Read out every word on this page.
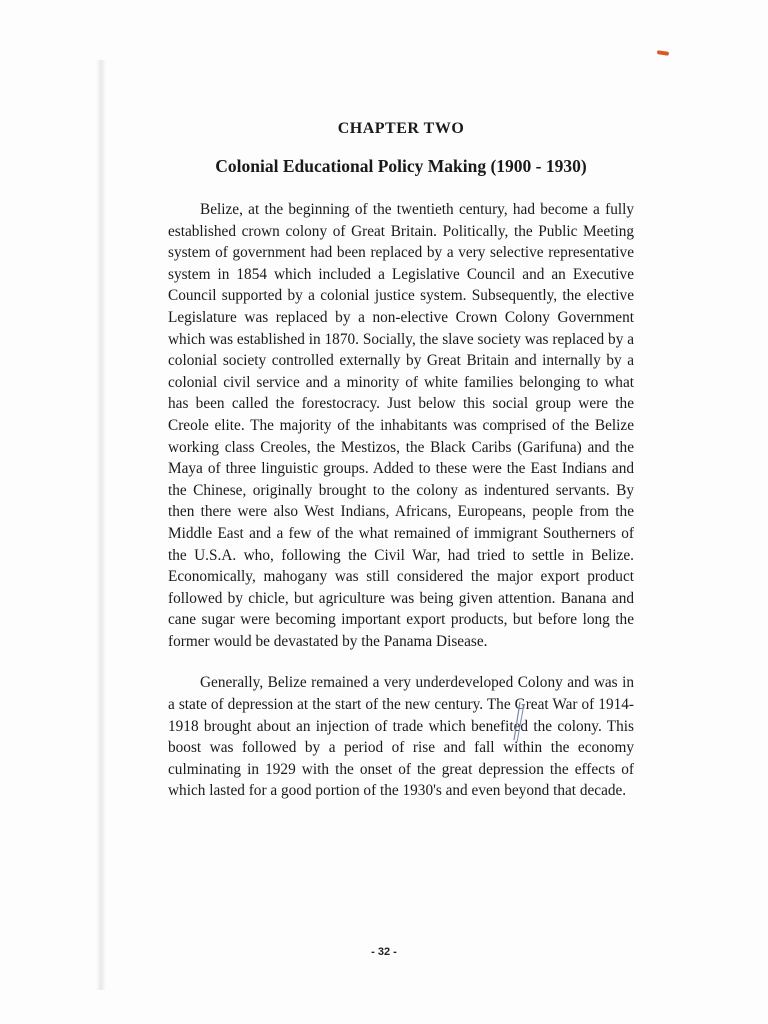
CHAPTER TWO
Colonial Educational Policy Making (1900 - 1930)

Belize, at the beginning of the twentieth century, had become a fully established crown colony of Great Britain. Politically, the Public Meeting system of government had been replaced by a very selective representative system in 1854 which included a Legislative Council and an Executive Council supported by a colonial justice system. Subsequently, the elective Legislature was replaced by a non-elective Crown Colony Government which was established in 1870. Socially, the slave society was replaced by a colonial society controlled externally by Great Britain and internally by a colonial civil service and a minority of white families belonging to what has been called the forestocracy. Just below this social group were the Creole elite. The majority of the inhabitants was comprised of the Belize working class Creoles, the Mestizos, the Black Caribs (Garifuna) and the Maya of three linguistic groups. Added to these were the East Indians and the Chinese, originally brought to the colony as indentured servants. By then there were also West Indians, Africans, Europeans, people from the Middle East and a few of the what remained of immigrant Southerners of the U.S.A. who, following the Civil War, had tried to settle in Belize. Economically, mahogany was still considered the major export product followed by chicle, but agriculture was being given attention. Banana and cane sugar were becoming important export products, but before long the former would be devastated by the Panama Disease.

Generally, Belize remained a very underdeveloped Colony and was in a state of depression at the start of the new century. The Great War of 1914-1918 brought about an injection of trade which benefited the colony. This boost was followed by a period of rise and fall within the economy culminating in 1929 with the onset of the great depression the effects of which lasted for a good portion of the 1930's and even beyond that decade.

- 32 -
